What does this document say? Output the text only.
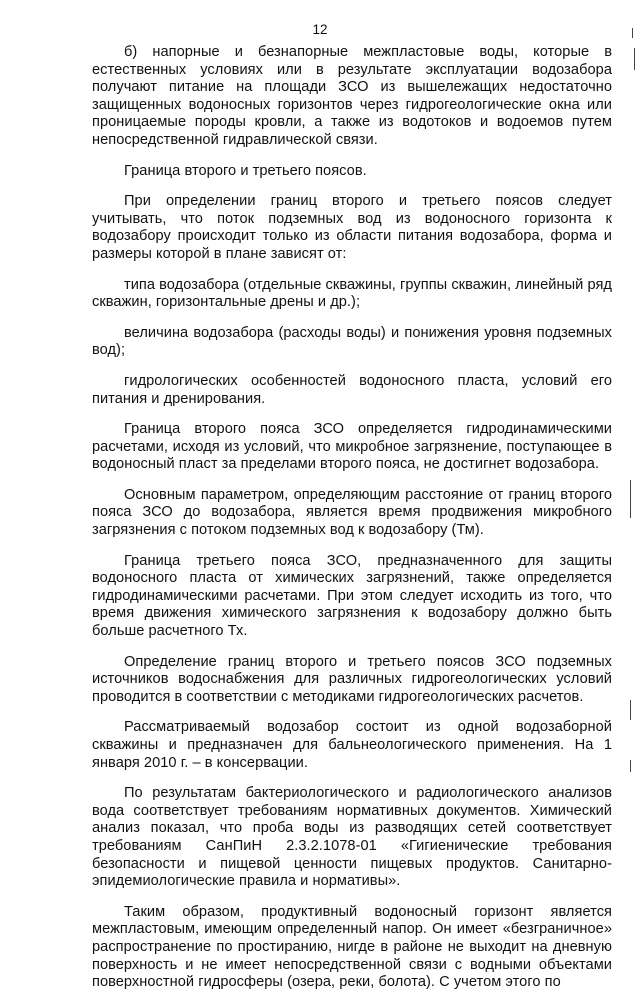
12

б) напорные и безнапорные межпластовые воды, которые в естественных условиях или в результате эксплуатации водозабора получают питание на площади ЗСО из вышележащих недостаточно защищенных водоносных горизонтов через гидрогеологические окна или проницаемые породы кровли, а также из водотоков и водоемов путем непосредственной гидравлической связи.

Граница второго и третьего поясов.

При определении границ второго и третьего поясов следует учитывать, что поток подземных вод из водоносного горизонта к водозабору происходит только из области питания водозабора, форма и размеры которой в плане зависят от:

типа водозабора (отдельные скважины, группы скважин, линейный ряд скважин, горизонтальные дрены и др.);

величина водозабора (расходы воды) и понижения уровня подземных вод);

гидрологических особенностей водоносного пласта, условий его питания и дренирования.

Граница второго пояса ЗСО определяется гидродинамическими расчетами, исходя из условий, что микробное загрязнение, поступающее в водоносный пласт за пределами второго пояса, не достигнет водозабора.

Основным параметром, определяющим расстояние от границ второго пояса ЗСО до водозабора, является время продвижения микробного загрязнения с потоком подземных вод к водозабору (Тм).

Граница третьего пояса ЗСО, предназначенного для защиты водоносного пласта от химических загрязнений, также определяется гидродинамическими расчетами. При этом следует исходить из того, что время движения химического загрязнения к водозабору должно быть больше расчетного Тх.

Определение границ второго и третьего поясов ЗСО подземных источников водоснабжения для различных гидрогеологических условий проводится в соответствии с методиками гидрогеологических расчетов.

Рассматриваемый водозабор состоит из одной водозаборной скважины и предназначен для бальнеологического применения. На 1 января 2010 г. – в консервации.

По результатам бактериологического и радиологического анализов вода соответствует требованиям нормативных документов. Химический анализ показал, что проба воды из разводящих сетей соответствует требованиям СанПиН 2.3.2.1078-01 «Гигиенические требования безопасности и пищевой ценности пищевых продуктов. Санитарно-эпидемиологические правила и нормативы».

Таким образом, продуктивный водоносный горизонт является межпластовым, имеющим определенный напор. Он имеет «безграничное» распространение по простиранию, нигде в районе не выходит на дневную поверхность и не имеет непосредственной связи с водными объектами поверхностной гидросферы (озера, реки, болота). С учетом этого по
